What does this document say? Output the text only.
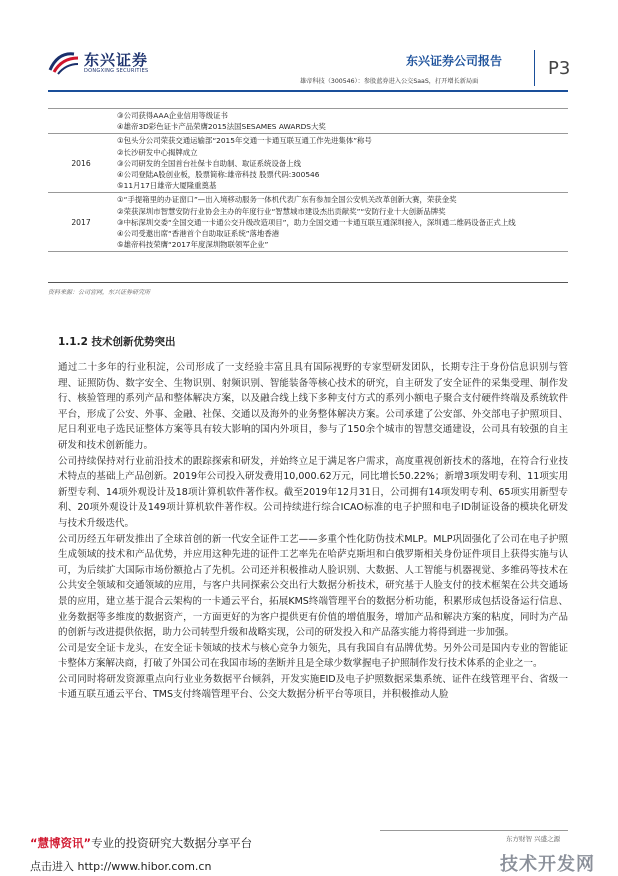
东兴证券
DONGXING SECURITIES
东兴证券公司报告
雄帝科技（300546）：参股蓝券进入公交SaaS，打开增长新局面
P3

	③公司获得AAA企业信用等级证书
④雄帝3D彩色证卡产品荣膺2015法国SESAMES AWARDS大奖

2016	①包头分公司荣获交通运输部“2015年交通一卡通互联互通工作先进集体”称号
②长沙研发中心揭牌成立
③公司研发的全国首台社保卡自助制、取证系统设备上线
④公司登陆A股创业板，股票简称:雄帝科技 股票代码:300546
⑤11月17日雄帝大厦隆重奠基

2017	①“手提箱里的办证窗口”—出入境移动服务一体机代表广东有参加全国公安机关改革创新大赛，荣获金奖
②荣获深圳市智慧安防行业协会主办的年度行业“智慧城市建设杰出贡献奖”“安防行业十大创新品牌奖
③中标深圳交委“全国交通一卡通公交升级改造项目”，助力全国交通一卡通互联互通深圳接入，深圳通二维码设备正式上线
④公司受邀出席“香港首个自助取证系统”落地香港
⑤雄帝科技荣膺“2017年度深圳物联领军企业”
资料来源：公司官网，东兴证券研究所
1.1.2 技术创新优势突出

通过二十多年的行业积淀，公司形成了一支经验丰富且具有国际视野的专家型研发团队，长期专注于身份信息识别与管理、证照防伪、数字安全、生物识别、射频识别、智能装备等核心技术的研究，自主研发了安全证件的采集受理、制作发行、核验管理的系列产品和整体解决方案，以及融合线上线下多种支付方式的系列小额电子聚合支付硬件终端及系统软件平台，形成了公安、外事、金融、社保、交通以及海外的业务整体解决方案。公司承建了公安部、外交部电子护照项目、尼日利亚电子选民证整体方案等具有较大影响的国内外项目，参与了150余个城市的智慧交通建设，公司具有较强的自主研发和技术创新能力。

公司持续保持对行业前沿技术的跟踪探索和研发，并始终立足于满足客户需求，高度重视创新技术的落地，在符合行业技术特点的基础上产品创新。2019年公司投入研发费用10,000.62万元，同比增长50.22%；新增3项发明专利、11项实用新型专利、14项外观设计及18项计算机软件著作权。截至2019年12月31日，公司拥有14项发明专利、65项实用新型专利、20项外观设计及149项计算机软件著作权。公司持续进行综合ICAO标准的电子护照和电子ID制证设备的模块化研发与技术升级迭代。

公司历经五年研发推出了全球首创的新一代安全证件工艺——多重个性化防伪技术MLP。MLP巩固强化了公司在电子护照生成领域的技术和产品优势，并应用这种先进的证件工艺率先在哈萨克斯坦和白俄罗斯相关身份证件项目上获得实施与认可，为后续扩大国际市场份额抢占了先机。公司还并积极推动人脸识别、大数据、人工智能与机器视觉、多维码等技术在公共安全领域和交通领域的应用，与客户共同探索公交出行大数据分析技术，研究基于人脸支付的技术框架在公共交通场景的应用，建立基于混合云架构的一卡通云平台，拓展KMS终端管理平台的数据分析功能，积累形成包括设备运行信息、业务数据等多维度的数据资产，一方面更好的为客户提供更有价值的增值服务，增加产品和解决方案的粘度，同时为产品的创新与改进提供依据，助力公司转型升级和战略实现，公司的研发投入和产品落实能力将得到进一步加强。

公司是安全证卡龙头，在安全证卡领域的技术与核心竞争力领先，具有我国自有品牌优势。另外公司是国内专业的智能证卡整体方案解决商，打破了外国公司在我国市场的垄断并且是全球少数掌握电子护照制作发行技术体系的企业之一。

公司同时将研发资源重点向行业业务数据平台倾斜，开发实施EID及电子护照数据采集系统、证件在线管理平台、省级一卡通互联互通云平台、TMS支付终端管理平台、公交大数据分析平台等项目，并积极推动人脸

东方财智 兴盛之源
“慧博资讯”专业的投资研究大数据分享平台
点击进入 http://www.hibor.com.cn	技术开发网
